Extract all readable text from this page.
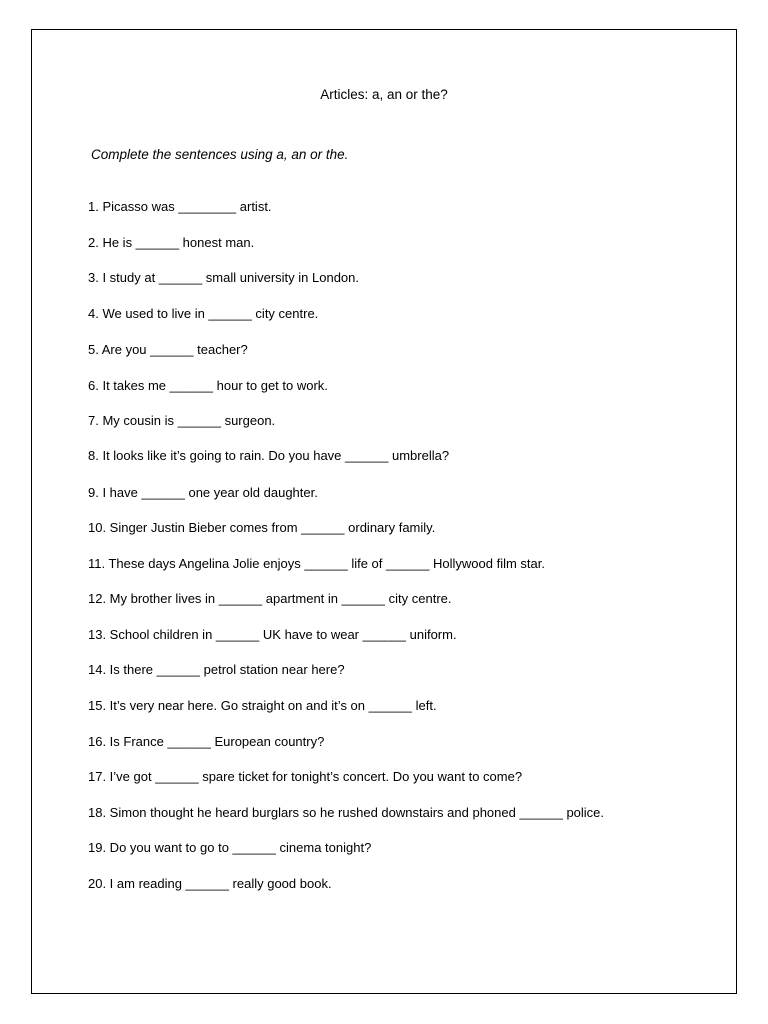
Articles: a, an or the?
Complete the sentences using a, an or the.
1. Picasso was ________ artist.
2. He is ______ honest man.
3. I study at ______ small university in London.
4. We used to live in ______ city centre.
5. Are you ______ teacher?
6. It takes me ______ hour to get to work.
7. My cousin is ______ surgeon.
8. It looks like it’s going to rain. Do you have ______ umbrella?
9. I have ______ one year old daughter.
10. Singer Justin Bieber comes from ______ ordinary family.
11. These days Angelina Jolie enjoys ______ life of ______ Hollywood film star.
12. My brother lives in ______ apartment in ______ city centre.
13. School children in ______ UK have to wear ______ uniform.
14. Is there ______ petrol station near here?
15. It’s very near here. Go straight on and it’s on ______ left.
16. Is France ______ European country?
17. I’ve got ______ spare ticket for tonight’s concert. Do you want to come?
18. Simon thought he heard burglars so he rushed downstairs and phoned ______ police.
19. Do you want to go to ______ cinema tonight?
20. I am reading ______ really good book.
